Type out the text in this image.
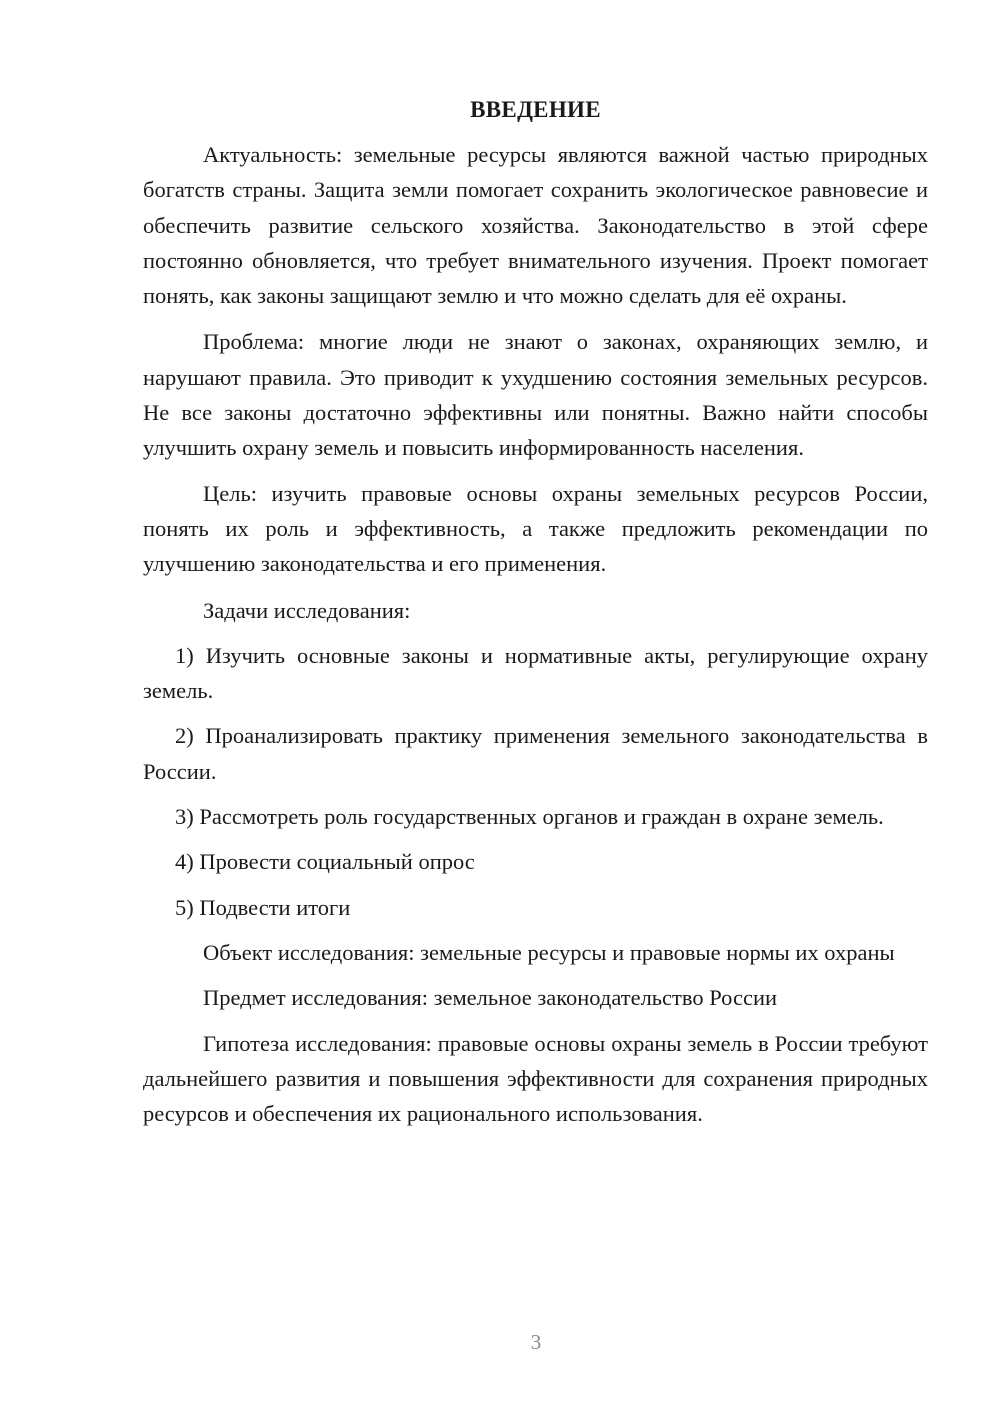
ВВЕДЕНИЕ

Актуальность: земельные ресурсы являются важной частью природных богатств страны. Защита земли помогает сохранить экологическое равновесие и обеспечить развитие сельского хозяйства. Законодательство в этой сфере постоянно обновляется, что требует внимательного изучения. Проект помогает понять, как законы защищают землю и что можно сделать для её охраны.

Проблема: многие люди не знают о законах, охраняющих землю, и нарушают правила. Это приводит к ухудшению состояния земельных ресурсов. Не все законы достаточно эффективны или понятны. Важно найти способы улучшить охрану земель и повысить информированность населения.

Цель: изучить правовые основы охраны земельных ресурсов России, понять их роль и эффективность, а также предложить рекомендации по улучшению законодательства и его применения.

Задачи исследования:

1) Изучить основные законы и нормативные акты, регулирующие охрану земель.

2) Проанализировать практику применения земельного законодательства в России.

3) Рассмотреть роль государственных органов и граждан в охране земель.

4) Провести социальный опрос

5) Подвести итоги

Объект исследования: земельные ресурсы и правовые нормы их охраны

Предмет исследования: земельное законодательство России

Гипотеза исследования: правовые основы охраны земель в России требуют дальнейшего развития и повышения эффективности для сохранения природных ресурсов и обеспечения их рационального использования.

3
